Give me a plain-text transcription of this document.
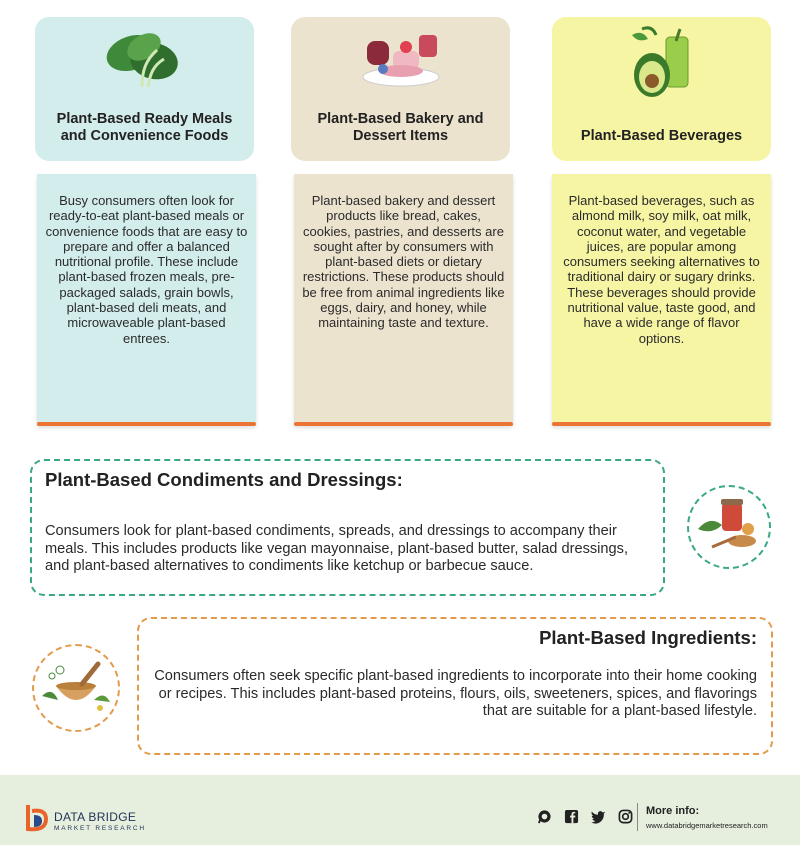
Plant-Based Ready Meals and Convenience Foods
Plant-Based Bakery and Dessert Items	Plant-Based Beverages
Busy consumers often look for ready-to-eat plant-based meals or convenience foods that are easy to prepare and offer a balanced nutritional profile. These include plant-based frozen meals, pre-packaged salads, grain bowls, plant-based deli meats, and microwaveable plant-based entrees.
Plant-based bakery and dessert products like bread, cakes, cookies, pastries, and desserts are sought after by consumers with plant-based diets or dietary restrictions. These products should be free from animal ingredients like eggs, dairy, and honey, while maintaining taste and texture.
Plant-based beverages, such as almond milk, soy milk, oat milk, coconut water, and vegetable juices, are popular among consumers seeking alternatives to traditional dairy or sugary drinks. These beverages should provide nutritional value, taste good, and have a wide range of flavor options.
Plant-Based Condiments and Dressings:
Consumers look for plant-based condiments, spreads, and dressings to accompany their meals. This includes products like vegan mayonnaise, plant-based butter, salad dressings, and plant-based alternatives to condiments like ketchup or barbecue sauce.
Plant-Based Ingredients:
Consumers often seek specific plant-based ingredients to incorporate into their home cooking or recipes. This includes plant-based proteins, flours, oils, sweeteners, spices, and flavorings that are suitable for a plant-based lifestyle.
DATA BRIDGE
MARKET RESEARCH
More info:
www.databridgemarketresearch.com
